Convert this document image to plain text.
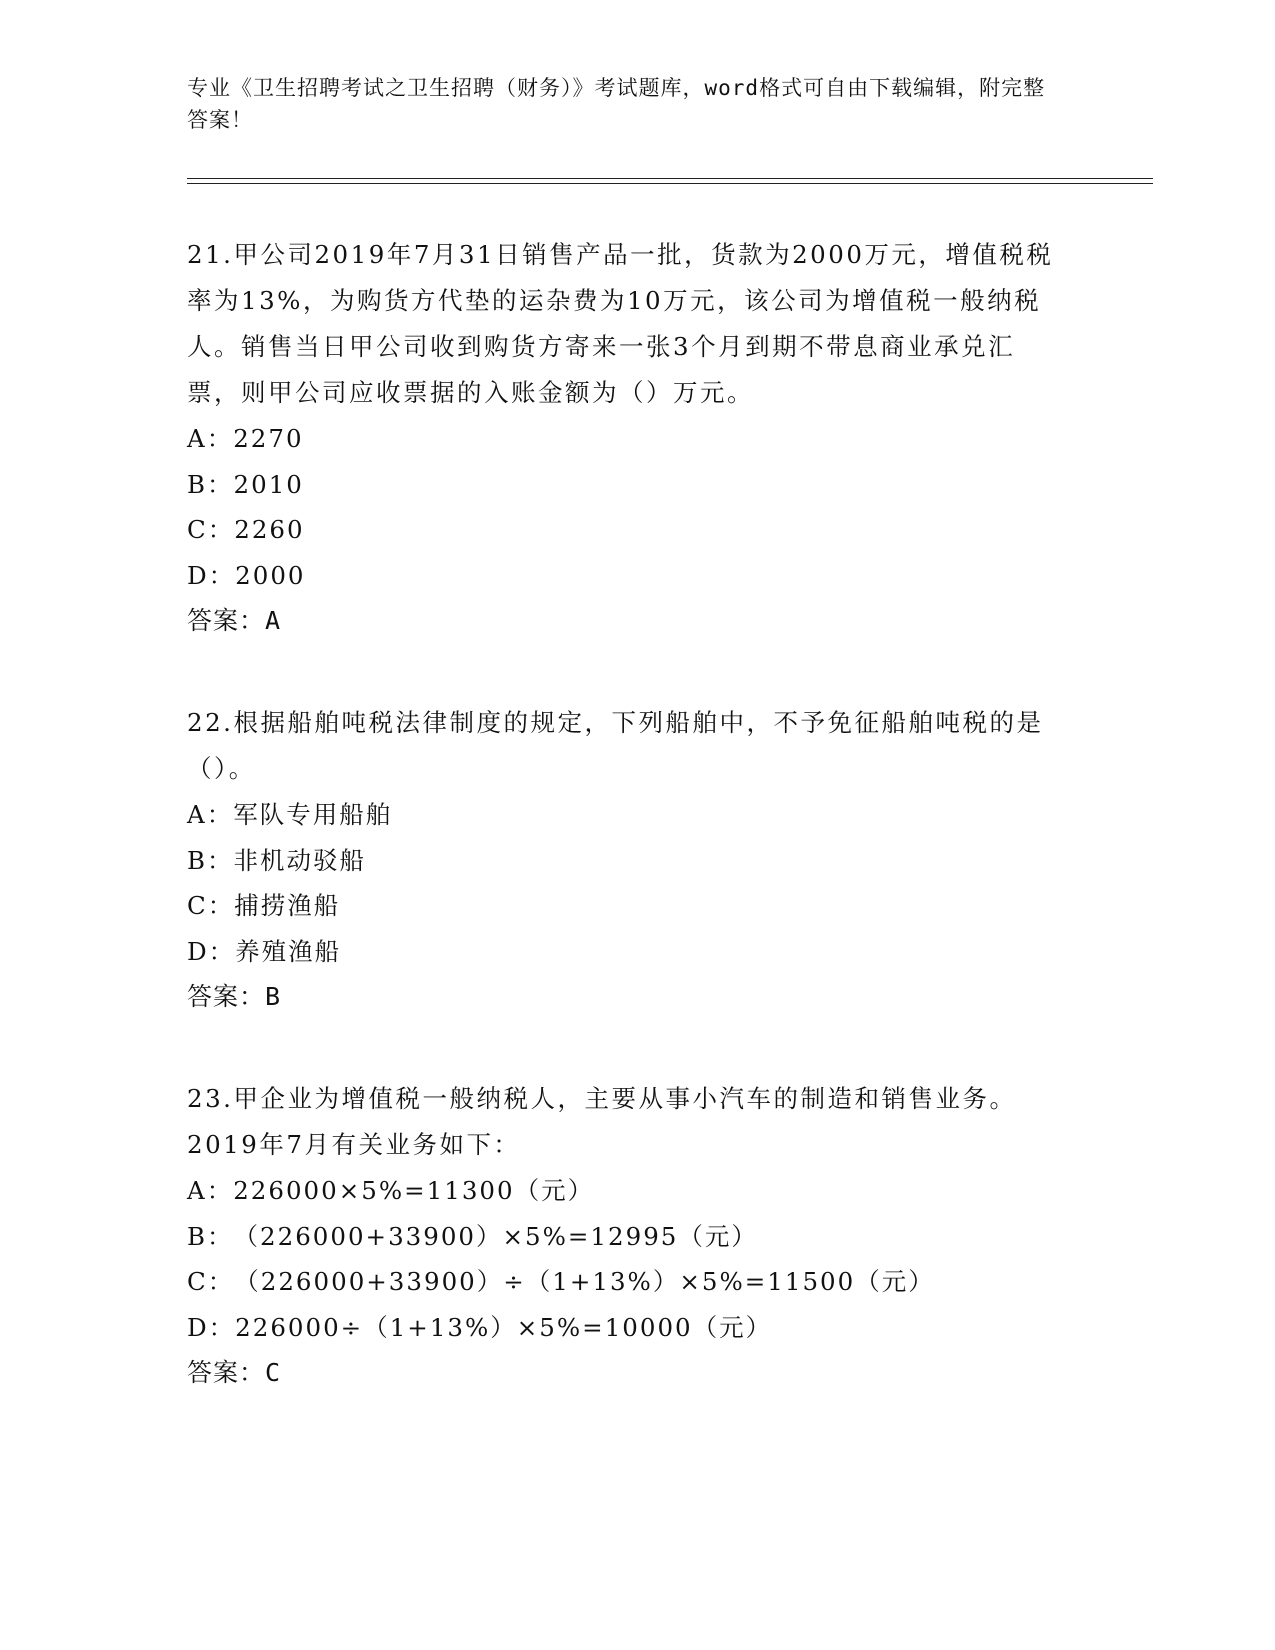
专业《卫生招聘考试之卫生招聘（财务）》考试题库，word格式可自由下载编辑，附完整答案！

21.甲公司2019年7月31日销售产品一批，货款为2000万元，增值税税率为13%，为购货方代垫的运杂费为10万元，该公司为增值税一般纳税人。销售当日甲公司收到购货方寄来一张3个月到期不带息商业承兑汇票，则甲公司应收票据的入账金额为（）万元。

A： 2270
B： 2010
C： 2260
D： 2000

答案：A

22.根据船舶吨税法律制度的规定，下列船舶中，不予免征船舶吨税的是（）。

A： 军队专用船舶
B： 非机动驳船
C： 捕捞渔船
D： 养殖渔船

答案：B

23.甲企业为增值税一般纳税人，主要从事小汽车的制造和销售业务。2019年7月有关业务如下：

A： 226000×5%=11300（元）
B： （226000+33900）×5%=12995（元）
C： （226000+33900）÷（1+13%）×5%=11500（元）
D： 226000÷（1+13%）×5%=10000（元）

答案：C
